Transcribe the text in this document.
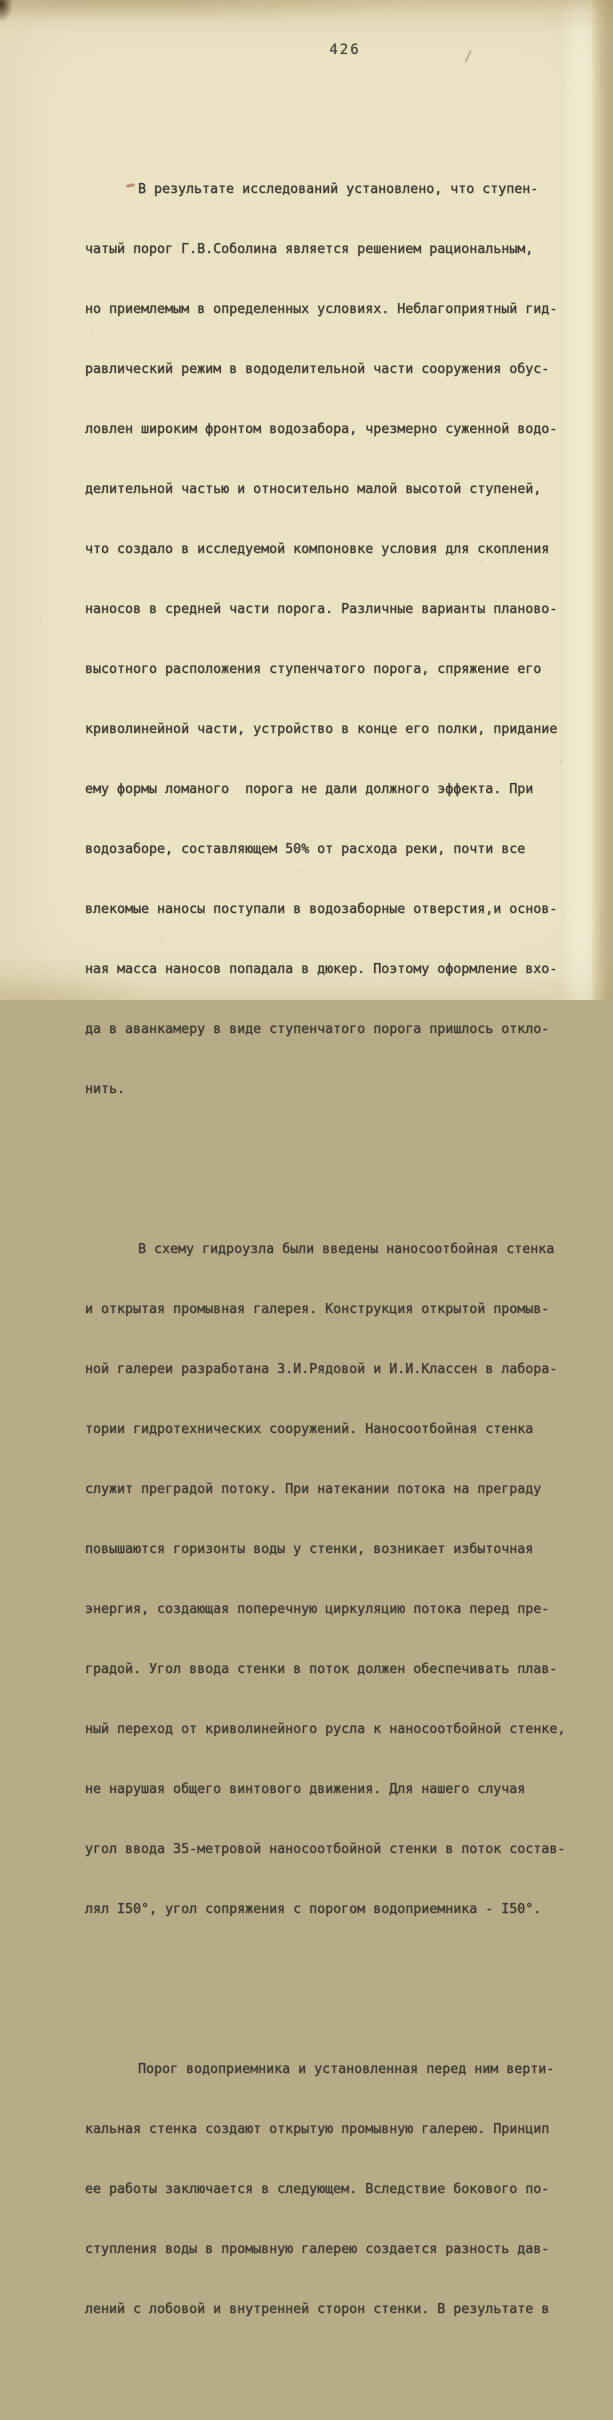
426

В результате исследований установлено, что ступен-

чатый порог Г.В.Соболина является решением рациональным,

но приемлемым в определенных условиях. Неблагоприятный гид-

равлический режим в вододелительной части сооружения обус-

ловлен широким фронтом водозабора, чрезмерно суженной водо-

делительной частью и относительно малой высотой ступеней,

что создало в исследуемой компоновке условия для скопления

наносов в средней части порога. Различные варианты планово-

высотного расположения ступенчатого порога, спряжение его

криволинейной части, устройство в конце его полки, придание

ему формы ломаного  порога не дали должного эффекта. При

водозаборе, составляющем 50% от расхода реки, почти все

влекомые наносы поступали в водозаборные отверстия,и основ-

ная масса наносов попадала в дюкер. Поэтому оформление вхо-

да в аванкамеру в виде ступенчатого порога пришлось откло-

нить.

В схему гидроузла были введены наносоотбойная стенка

и открытая промывная галерея. Конструкция открытой промыв-

ной галереи разработана З.И.Рядовой и И.И.Классен в лабора-

тории гидротехнических сооружений. Наносоотбойная стенка

служит преградой потоку. При натекании потока на преграду

повышаются горизонты воды у стенки, возникает избыточная

энергия, создающая поперечную циркуляцию потока перед пре-

градой. Угол ввода стенки в поток должен обеспечивать плав-

ный переход от криволинейного русла к наносоотбойной стенке,

не нарушая общего винтового движения. Для нашего случая

угол ввода 35-метровой наносоотбойной стенки в поток состав-

лял I50°, угол сопряжения с порогом водоприемника - I50°.

Порог водоприемника и установленная перед ним верти-

кальная стенка создают открытую промывную галерею. Принцип

ее работы заключается в следующем. Вследствие бокового по-

ступления воды в промывную галерею создается разность дав-

лений с лобовой и внутренней сторон стенки. В результате в
